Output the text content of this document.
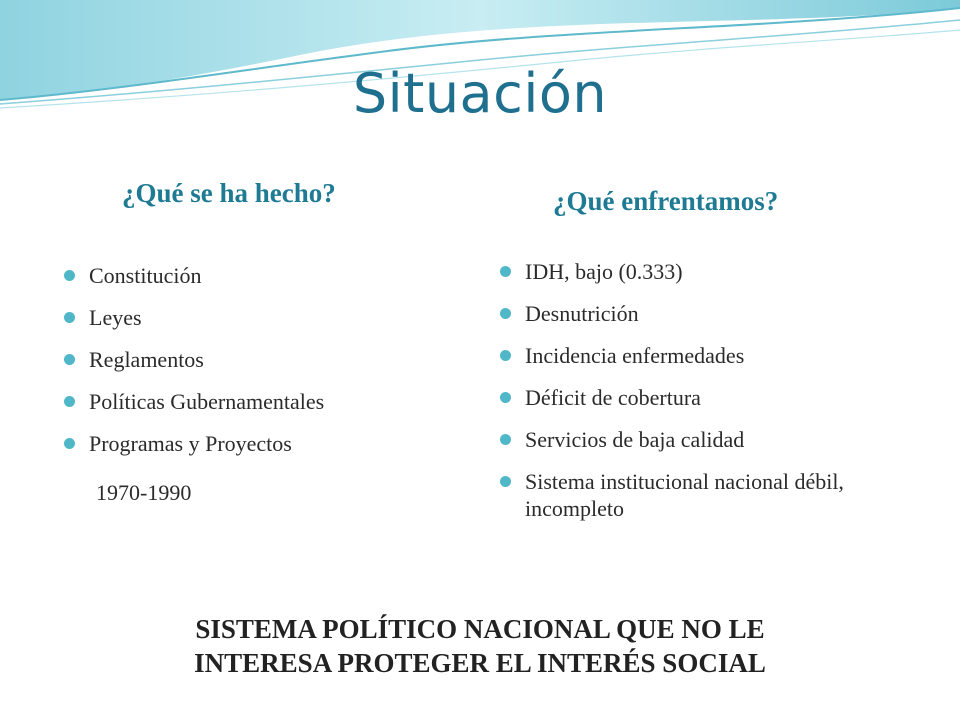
Situación
¿Qué se ha hecho?	¿Qué enfrentamos?
Constitución
Leyes
Reglamentos
Políticas Gubernamentales
Programas y Proyectos
1970-1990
IDH, bajo (0.333)
Desnutrición
Incidencia enfermedades
Déficit de cobertura
Servicios de baja calidad
Sistema institucional nacional débil, incompleto
SISTEMA POLÍTICO NACIONAL QUE NO LE
INTERESA PROTEGER EL INTERÉS SOCIAL
